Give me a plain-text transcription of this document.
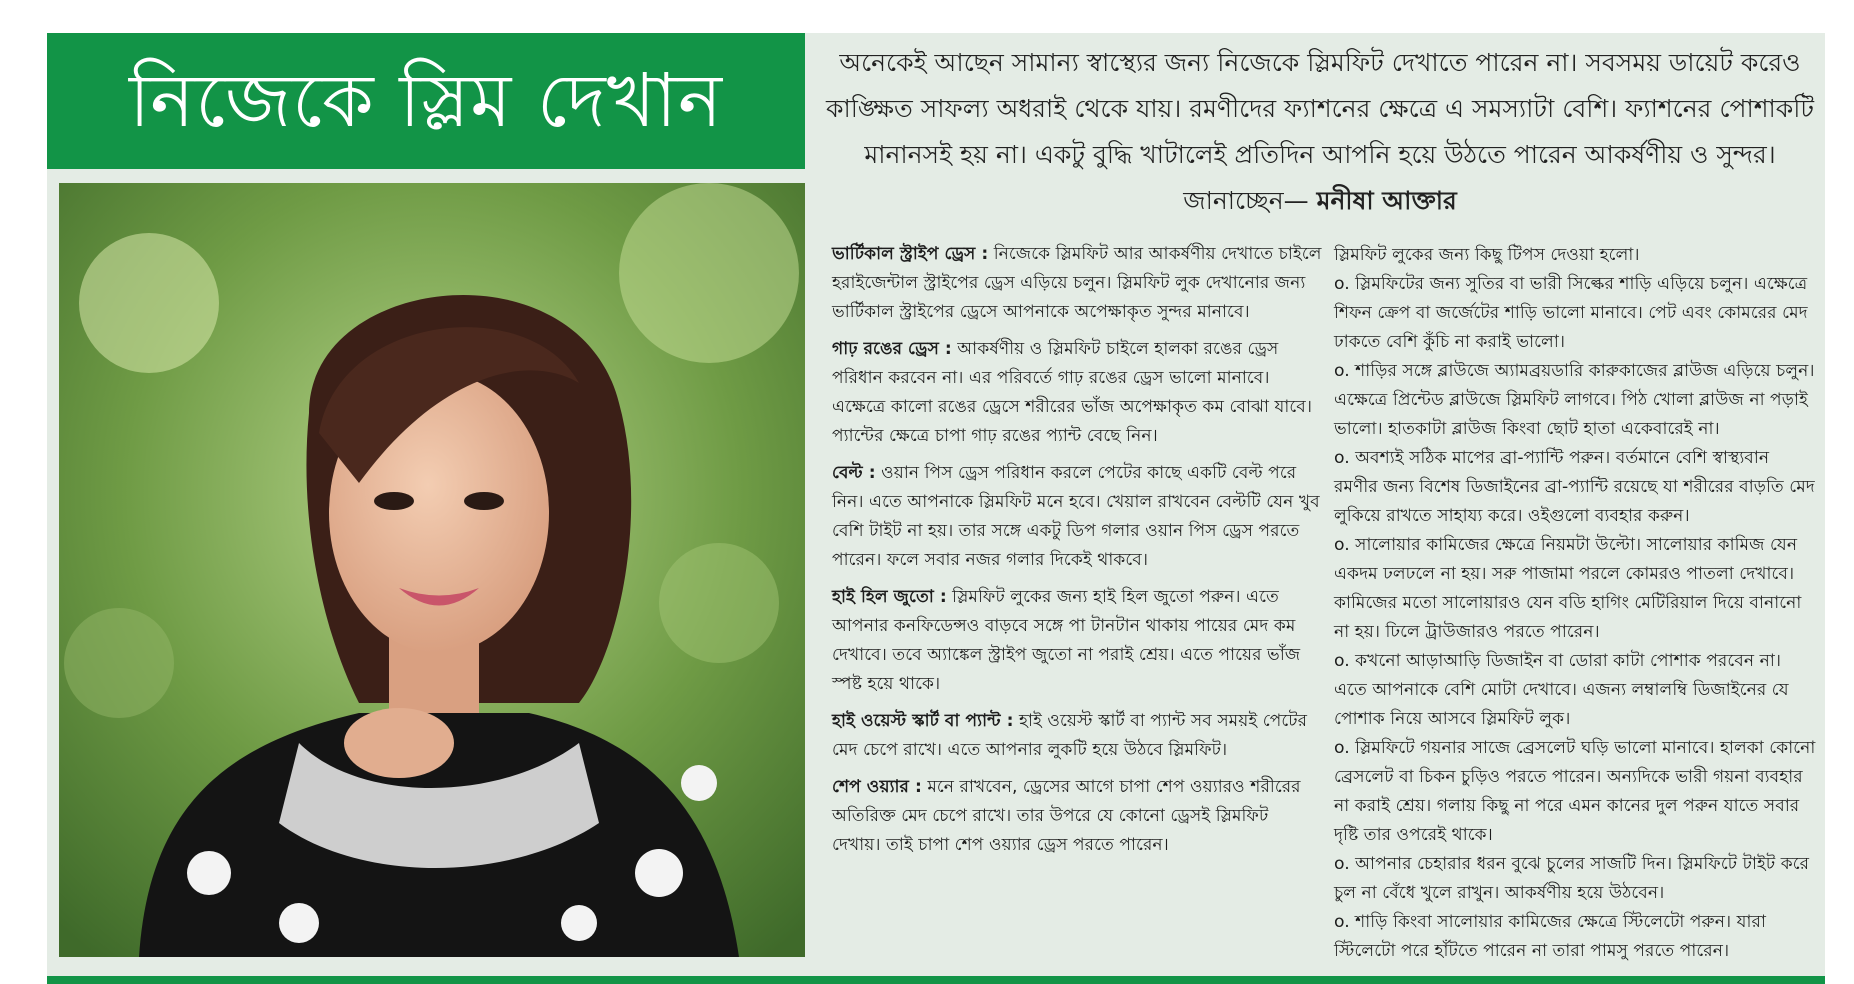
নিজেকে স্লিম দেখান	অনেকেই আছেন সামান্য স্বাস্থ্যের জন্য নিজেকে স্লিমফিট দেখাতে পারেন না। সবসময় ডায়েট করেও কাঙ্ক্ষিত সাফল্য অধরাই থেকে যায়। রমণীদের ফ্যাশনের ক্ষেত্রে এ সমস্যাটা বেশি। ফ্যাশনের পোশাকটি মানানসই হয় না। একটু বুদ্ধি খাটালেই প্রতিদিন আপনি হয়ে উঠতে পারেন আকর্ষণীয় ও সুন্দর। জানাচ্ছেন— মনীষা আক্তার

ভার্টিকাল স্ট্রাইপ ড্রেস : নিজেকে স্লিমফিট আর আকর্ষণীয় দেখাতে চাইলে হরাইজেন্টাল স্ট্রাইপের ড্রেস এড়িয়ে চলুন। স্লিমফিট লুক দেখানোর জন্য ভার্টিকাল স্ট্রাইপের ড্রেসে আপনাকে অপেক্ষাকৃত সুন্দর মানাবে।

গাঢ় রঙের ড্রেস : আকর্ষণীয় ও স্লিমফিট চাইলে হালকা রঙের ড্রেস পরিধান করবেন না। এর পরিবর্তে গাঢ় রঙের ড্রেস ভালো মানাবে। এক্ষেত্রে কালো রঙের ড্রেসে শরীরের ভাঁজ অপেক্ষাকৃত কম বোঝা যাবে। প্যান্টের ক্ষেত্রে চাপা গাঢ় রঙের প্যান্ট বেছে নিন।

বেল্ট : ওয়ান পিস ড্রেস পরিধান করলে পেটের কাছে একটি বেল্ট পরে নিন। এতে আপনাকে স্লিমফিট মনে হবে। খেয়াল রাখবেন বেল্টটি যেন খুব বেশি টাইট না হয়। তার সঙ্গে একটু ডিপ গলার ওয়ান পিস ড্রেস পরতে পারেন। ফলে সবার নজর গলার দিকেই থাকবে।

হাই হিল জুতো : স্লিমফিট লুকের জন্য হাই হিল জুতো পরুন। এতে আপনার কনফিডেন্সও বাড়বে সঙ্গে পা টানটান থাকায় পায়ের মেদ কম দেখাবে। তবে অ্যাঙ্কেল স্ট্রাইপ জুতো না পরাই শ্রেয়। এতে পায়ের ভাঁজ স্পষ্ট হয়ে থাকে।

হাই ওয়েস্ট স্কার্ট বা প্যান্ট : হাই ওয়েস্ট স্কার্ট বা প্যান্ট সব সময়ই পেটের মেদ চেপে রাখে। এতে আপনার লুকটি হয়ে উঠবে স্লিমফিট।

শেপ ওয়্যার : মনে রাখবেন, ড্রেসের আগে চাপা শেপ ওয়্যারও শরীরের অতিরিক্ত মেদ চেপে রাখে। তার উপরে যে কোনো ড্রেসই স্লিমফিট দেখায়। তাই চাপা শেপ ওয়্যার ড্রেস পরতে পারেন।

স্লিমফিট লুকের জন্য কিছু টিপস দেওয়া হলো।

o. স্লিমফিটের জন্য সুতির বা ভারী সিল্কের শাড়ি এড়িয়ে চলুন। এক্ষেত্রে শিফন ক্রেপ বা জর্জেটের শাড়ি ভালো মানাবে। পেট এবং কোমরের মেদ ঢাকতে বেশি কুঁচি না করাই ভালো।

o. শাড়ির সঙ্গে ব্লাউজে অ্যামব্রয়ডারি কারুকাজের ব্লাউজ এড়িয়ে চলুন। এক্ষেত্রে প্রিন্টেড ব্লাউজে স্লিমফিট লাগবে। পিঠ খোলা ব্লাউজ না পড়াই ভালো। হাতকাটা ব্লাউজ কিংবা ছোট হাতা একেবারেই না।

o. অবশ্যই সঠিক মাপের ব্রা-প্যান্টি পরুন। বর্তমানে বেশি স্বাস্থ্যবান রমণীর জন্য বিশেষ ডিজাইনের ব্রা-প্যান্টি রয়েছে যা শরীরের বাড়তি মেদ লুকিয়ে রাখতে সাহায্য করে। ওইগুলো ব্যবহার করুন।

o. সালোয়ার কামিজের ক্ষেত্রে নিয়মটা উল্টো। সালোয়ার কামিজ যেন একদম ঢলঢলে না হয়। সরু পাজামা পরলে কোমরও পাতলা দেখাবে। কামিজের মতো সালোয়ারও যেন বডি হাগিং মেটিরিয়াল দিয়ে বানানো না হয়। ঢিলে ট্রাউজারও পরতে পারেন।

o. কখনো আড়াআড়ি ডিজাইন বা ডোরা কাটা পোশাক পরবেন না। এতে আপনাকে বেশি মোটা দেখাবে। এজন্য লম্বালম্বি ডিজাইনের যে পোশাক নিয়ে আসবে স্লিমফিট লুক।

o. স্লিমফিটে গয়নার সাজে ব্রেসলেট ঘড়ি ভালো মানাবে। হালকা কোনো ব্রেসলেট বা চিকন চুড়িও পরতে পারেন। অন্যদিকে ভারী গয়না ব্যবহার না করাই শ্রেয়। গলায় কিছু না পরে এমন কানের দুল পরুন যাতে সবার দৃষ্টি তার ওপরেই থাকে।

o. আপনার চেহারার ধরন বুঝে চুলের সাজটি দিন। স্লিমফিটে টাইট করে চুল না বেঁধে খুলে রাখুন। আকর্ষণীয় হয়ে উঠবেন।

o. শাড়ি কিংবা সালোয়ার কামিজের ক্ষেত্রে স্টিলেটো পরুন। যারা স্টিলেটো পরে হাঁটতে পারেন না তারা পামসু পরতে পারেন।
